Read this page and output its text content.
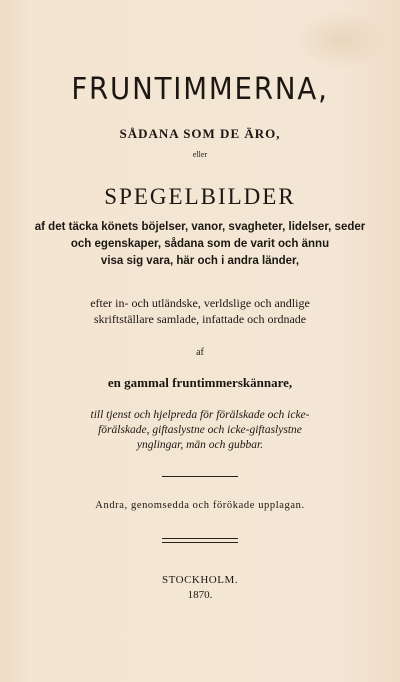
FRUNTIMMERNA,
SÅDANA SOM DE ÄRO,
eller
SPEGELBILDER
af det täcka könets böjelser, vanor, svagheter, lidelser, seder
och egenskaper, sådana som de varit och ännu
visa sig vara, här och i andra länder,
efter in- och utländske, verldslige och andlige
skriftställare samlade, infattade och ordnade
af
en gammal fruntimmerskännare,
till tjenst och hjelpreda för förälskade och icke-
förälskade, giftaslystne och icke-giftaslystne
ynglingar, män och gubbar.
Andra, genomsedda och förökade upplagan.
STOCKHOLM.
1870.
